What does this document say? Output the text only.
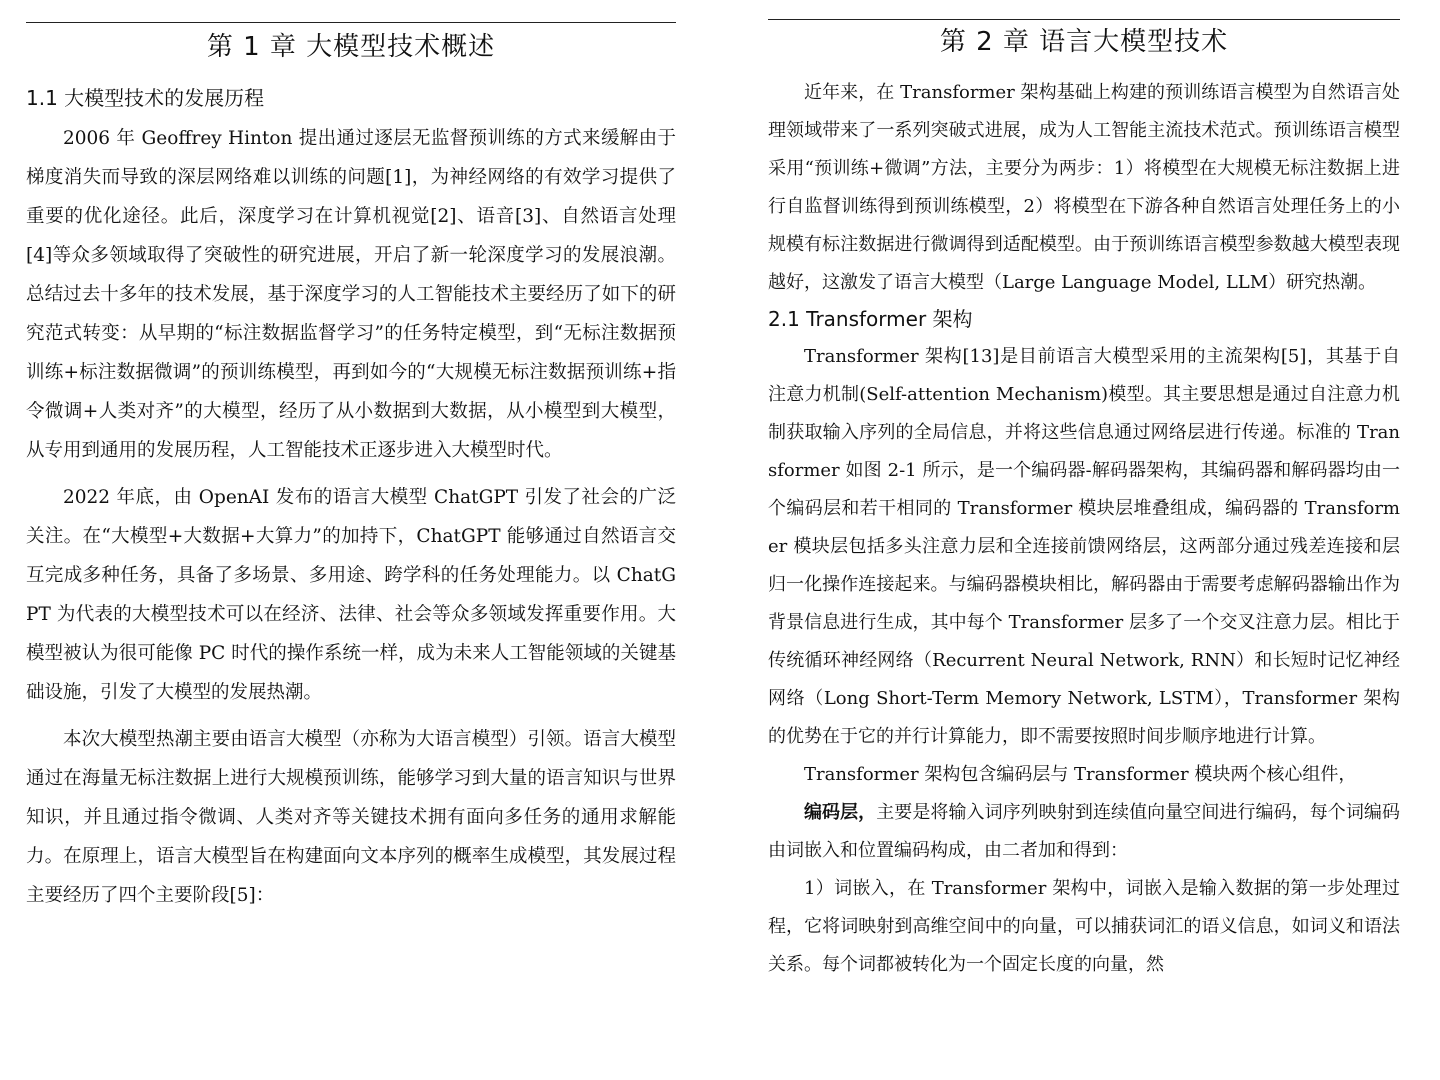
第 1 章 大模型技术概述
1.1 大模型技术的发展历程

2006 年 Geoffrey Hinton 提出通过逐层无监督预训练的方式来缓解由于梯度消失而导致的深层网络难以训练的问题[1]，为神经网络的有效学习提供了重要的优化途径。此后，深度学习在计算机视觉[2]、语音[3]、自然语言处理[4]等众多领域取得了突破性的研究进展，开启了新一轮深度学习的发展浪潮。总结过去十多年的技术发展，基于深度学习的人工智能技术主要经历了如下的研究范式转变：从早期的“标注数据监督学习”的任务特定模型，到“无标注数据预训练+标注数据微调”的预训练模型，再到如今的“大规模无标注数据预训练+指令微调+人类对齐”的大模型，经历了从小数据到大数据，从小模型到大模型，从专用到通用的发展历程，人工智能技术正逐步进入大模型时代。

2022 年底，由 OpenAI 发布的语言大模型 ChatGPT 引发了社会的广泛关注。在“大模型+大数据+大算力”的加持下，ChatGPT 能够通过自然语言交互完成多种任务，具备了多场景、多用途、跨学科的任务处理能力。以 ChatGPT 为代表的大模型技术可以在经济、法律、社会等众多领域发挥重要作用。大模型被认为很可能像 PC 时代的操作系统一样，成为未来人工智能领域的关键基础设施，引发了大模型的发展热潮。

本次大模型热潮主要由语言大模型（亦称为大语言模型）引领。语言大模型通过在海量无标注数据上进行大规模预训练，能够学习到大量的语言知识与世界知识，并且通过指令微调、人类对齐等关键技术拥有面向多任务的通用求解能力。在原理上，语言大模型旨在构建面向文本序列的概率生成模型，其发展过程主要经历了四个主要阶段[5]：

第 2 章 语言大模型技术

近年来，在 Transformer 架构基础上构建的预训练语言模型为自然语言处理领域带来了一系列突破式进展，成为人工智能主流技术范式。预训练语言模型采用“预训练+微调”方法，主要分为两步：1）将模型在大规模无标注数据上进行自监督训练得到预训练模型，2）将模型在下游各种自然语言处理任务上的小规模有标注数据进行微调得到适配模型。由于预训练语言模型参数越大模型表现越好，这激发了语言大模型（Large Language Model, LLM）研究热潮。

2.1 Transformer 架构

Transformer 架构[13]是目前语言大模型采用的主流架构[5]，其基于自注意力机制(Self-attention Mechanism)模型。其主要思想是通过自注意力机制获取输入序列的全局信息，并将这些信息通过网络层进行传递。标准的 Transformer 如图 2-1 所示，是一个编码器-解码器架构，其编码器和解码器均由一个编码层和若干相同的 Transformer 模块层堆叠组成，编码器的 Transformer 模块层包括多头注意力层和全连接前馈网络层，这两部分通过残差连接和层归一化操作连接起来。与编码器模块相比，解码器由于需要考虑解码器输出作为背景信息进行生成，其中每个 Transformer 层多了一个交叉注意力层。相比于传统循环神经网络（Recurrent Neural Network, RNN）和长短时记忆神经网络（Long Short-Term Memory Network, LSTM），Transformer 架构的优势在于它的并行计算能力，即不需要按照时间步顺序地进行计算。

Transformer 架构包含编码层与 Transformer 模块两个核心组件，

编码层，主要是将输入词序列映射到连续值向量空间进行编码，每个词编码由词嵌入和位置编码构成，由二者加和得到：

1）词嵌入，在 Transformer 架构中，词嵌入是输入数据的第一步处理过程，它将词映射到高维空间中的向量，可以捕获词汇的语义信息，如词义和语法关系。每个词都被转化为一个固定长度的向量，然
